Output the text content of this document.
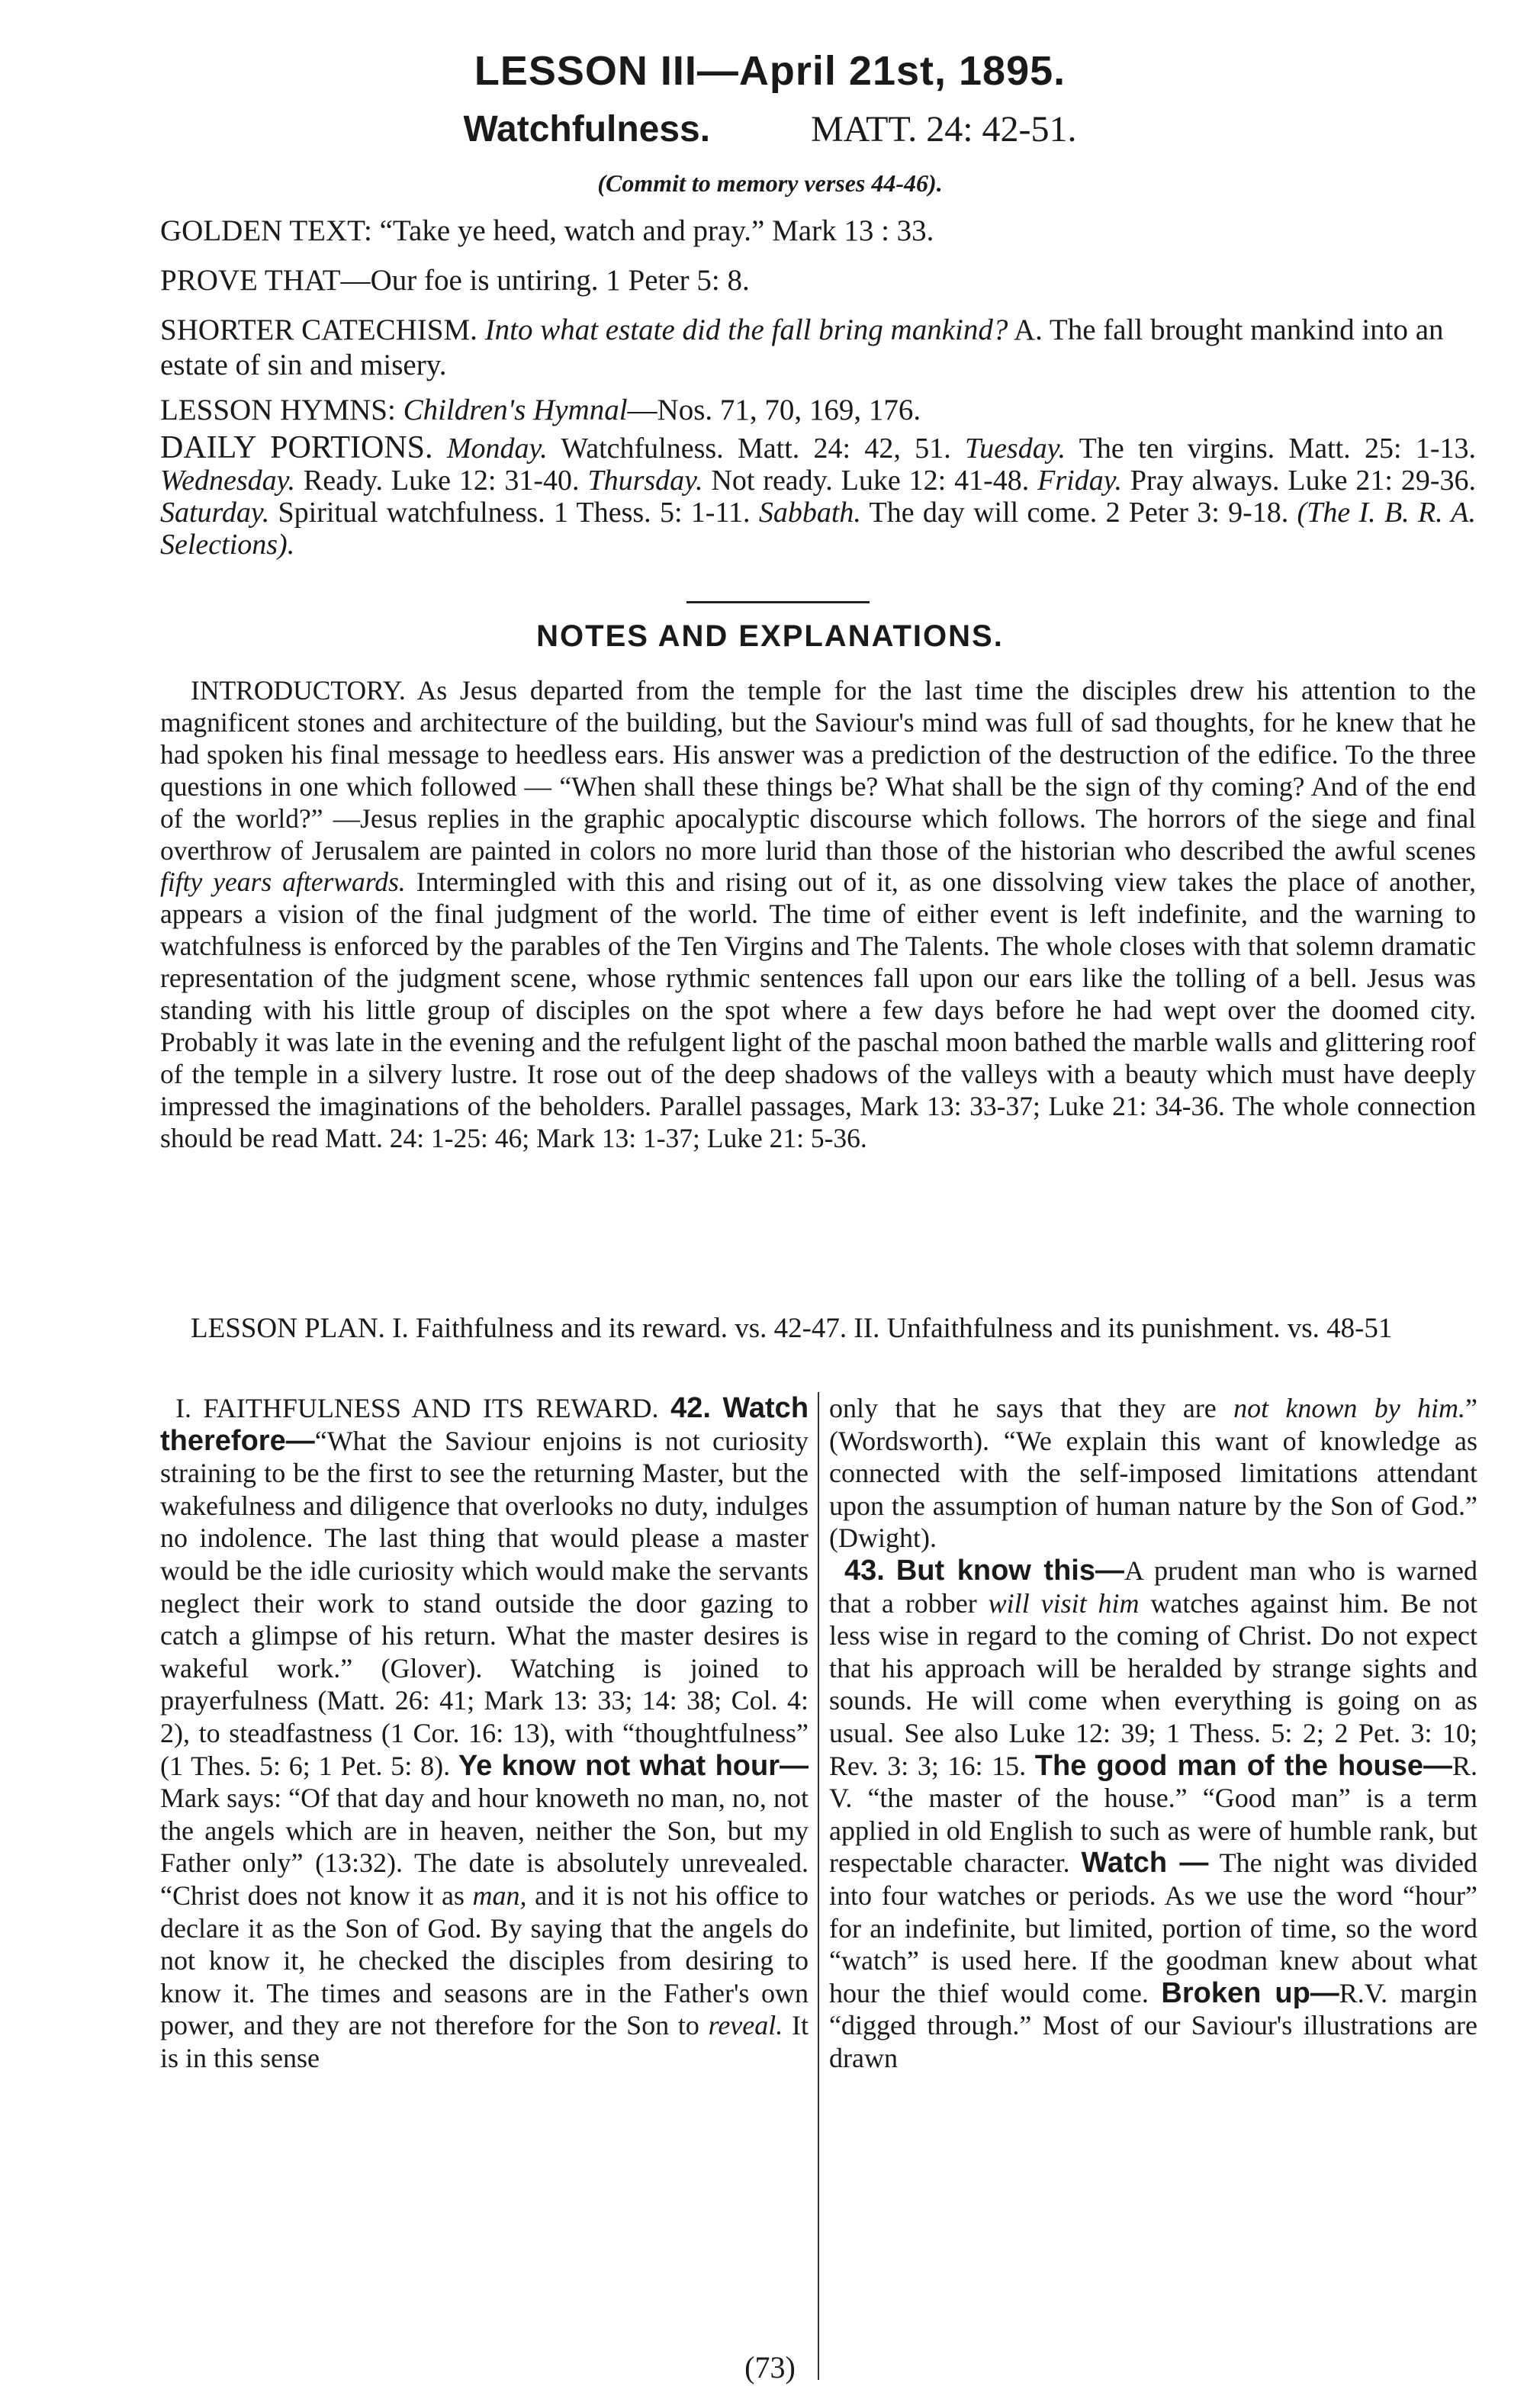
LESSON III—April 21st, 1895.
Watchfulness.	MATT. 24: 42-51.
(Commit to memory verses 44-46).
GOLDEN TEXT: “Take ye heed, watch and pray.” Mark 13 : 33.
PROVE THAT—Our foe is untiring. 1 Peter 5: 8.
SHORTER CATECHISM. Into what estate did the fall bring mankind? A. The fall brought mankind into an estate of sin and misery.
LESSON HYMNS: Children's Hymnal—Nos. 71, 70, 169, 176.
DAILY PORTIONS. Monday. Watchfulness. Matt. 24: 42, 51. Tuesday. The ten virgins. Matt. 25: 1-13. Wednesday. Ready. Luke 12: 31-40. Thursday. Not ready. Luke 12: 41-48. Friday. Pray always. Luke 21: 29-36. Saturday. Spiritual watchfulness. 1 Thess. 5: 1-11. Sabbath. The day will come. 2 Peter 3: 9-18. (The I. B. R. A. Selections).
NOTES AND EXPLANATIONS.
INTRODUCTORY. As Jesus departed from the temple for the last time the disciples drew his attention to the magnificent stones and architecture of the building, but the Saviour's mind was full of sad thoughts, for he knew that he had spoken his final message to heedless ears. His answer was a prediction of the destruction of the edifice. To the three questions in one which followed — “When shall these things be? What shall be the sign of thy coming? And of the end of the world?” —Jesus replies in the graphic apocalyptic discourse which follows. The horrors of the siege and final overthrow of Jerusalem are painted in colors no more lurid than those of the historian who described the awful scenes fifty years afterwards. Intermingled with this and rising out of it, as one dissolving view takes the place of another, appears a vision of the final judgment of the world. The time of either event is left indefinite, and the warning to watchfulness is enforced by the parables of the Ten Virgins and The Talents. The whole closes with that solemn dramatic representation of the judgment scene, whose rythmic sentences fall upon our ears like the tolling of a bell. Jesus was standing with his little group of disciples on the spot where a few days before he had wept over the doomed city. Probably it was late in the evening and the refulgent light of the paschal moon bathed the marble walls and glittering roof of the temple in a silvery lustre. It rose out of the deep shadows of the valleys with a beauty which must have deeply impressed the imaginations of the beholders. Parallel passages, Mark 13: 33-37; Luke 21: 34-36. The whole connection should be read Matt. 24: 1-25: 46; Mark 13: 1-37; Luke 21: 5-36.
LESSON PLAN. I. Faithfulness and its reward. vs. 42-47. II. Unfaithfulness and its punishment. vs. 48-51

I. FAITHFULNESS AND ITS REWARD. 42. Watch therefore—“What the Saviour enjoins is not curiosity straining to be the first to see the returning Master, but the wakefulness and diligence that overlooks no duty, indulges no indolence. The last thing that would please a master would be the idle curiosity which would make the servants neglect their work to stand outside the door gazing to catch a glimpse of his return. What the master desires is wakeful work.” (Glover). Watching is joined to prayerfulness (Matt. 26: 41; Mark 13: 33; 14: 38; Col. 4: 2), to steadfastness (1 Cor. 16: 13), with “thoughtfulness” (1 Thes. 5: 6; 1 Pet. 5: 8). Ye know not what hour—Mark says: “Of that day and hour knoweth no man, no, not the angels which are in heaven, neither the Son, but my Father only” (13:32). The date is absolutely unrevealed. “Christ does not know it as man, and it is not his office to declare it as the Son of God. By saying that the angels do not know it, he checked the disciples from desiring to know it. The times and seasons are in the Father's own power, and they are not therefore for the Son to reveal. It is in this sense

only that he says that they are not known by him.” (Wordsworth). “We explain this want of knowledge as connected with the self-imposed limitations attendant upon the assumption of human nature by the Son of God.” (Dwight).

43. But know this—A prudent man who is warned that a robber will visit him watches against him. Be not less wise in regard to the coming of Christ. Do not expect that his approach will be heralded by strange sights and sounds. He will come when everything is going on as usual. See also Luke 12: 39; 1 Thess. 5: 2; 2 Pet. 3: 10; Rev. 3: 3; 16: 15. The good man of the house—R. V. “the master of the house.” “Good man” is a term applied in old English to such as were of humble rank, but respectable character. Watch — The night was divided into four watches or periods. As we use the word “hour” for an indefinite, but limited, portion of time, so the word “watch” is used here. If the goodman knew about what hour the thief would come. Broken up—R.V. margin “digged through.” Most of our Saviour's illustrations are drawn

(73)
